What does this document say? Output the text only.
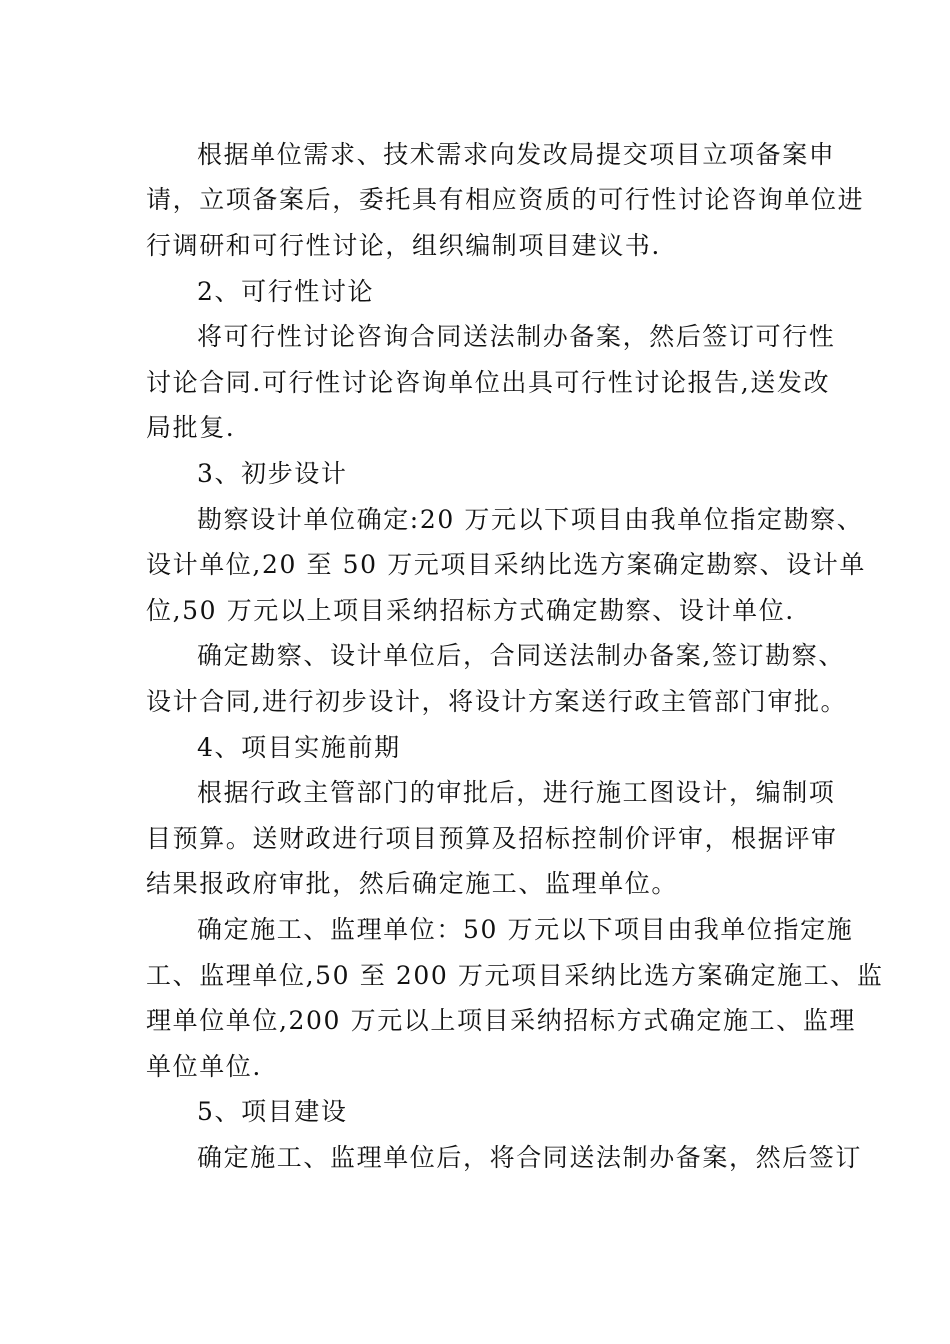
根据单位需求、技术需求向发改局提交项目立项备案申
请，立项备案后，委托具有相应资质的可行性讨论咨询单位进
行调研和可行性讨论，组织编制项目建议书.
2、可行性讨论
将可行性讨论咨询合同送法制办备案，然后签订可行性
讨论合同.可行性讨论咨询单位出具可行性讨论报告,送发改
局批复.
3、初步设计
勘察设计单位确定:20 万元以下项目由我单位指定勘察、
设计单位,20 至 50 万元项目采纳比选方案确定勘察、设计单
位,50 万元以上项目采纳招标方式确定勘察、设计单位.
确定勘察、设计单位后，合同送法制办备案,签订勘察、
设计合同,进行初步设计，将设计方案送行政主管部门审批。
4、项目实施前期
根据行政主管部门的审批后，进行施工图设计，编制项
目预算。送财政进行项目预算及招标控制价评审，根据评审
结果报政府审批，然后确定施工、监理单位。
确定施工、监理单位：50 万元以下项目由我单位指定施
工、监理单位,50 至 200 万元项目采纳比选方案确定施工、监
理单位单位,200 万元以上项目采纳招标方式确定施工、监理
单位单位.
5、项目建设
确定施工、监理单位后，将合同送法制办备案，然后签订
